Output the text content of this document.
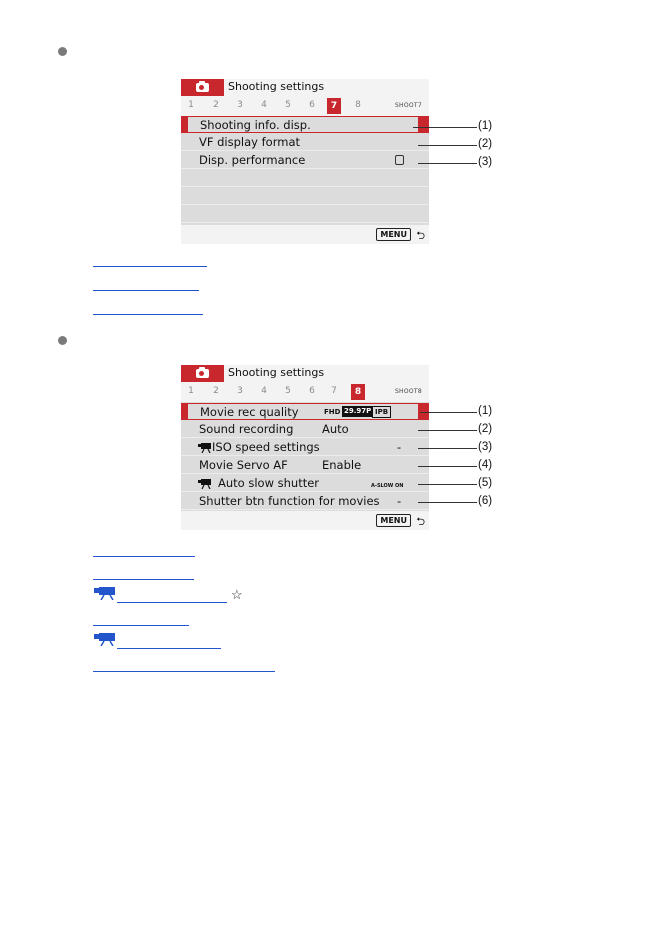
Shooting settings
1	2	3	4	5	6	7	8	SHOOT7
Shooting info. disp.
VF display format
Disp. performance
MENU ⮌
(1)
(2)
(3)
Shooting settings
1	2	3	4	5	6	7	8	SHOOT8
Movie rec quality	FHD 29.97P IPB
Sound recording Auto
ISO speed settings	-
Movie Servo AF	Enable
Auto slow shutter	A-SLOW ON
Shutter btn function for movies -
MENU ⮌
(1)
(2)
(3)
(4)
(5)
(6)
☆
